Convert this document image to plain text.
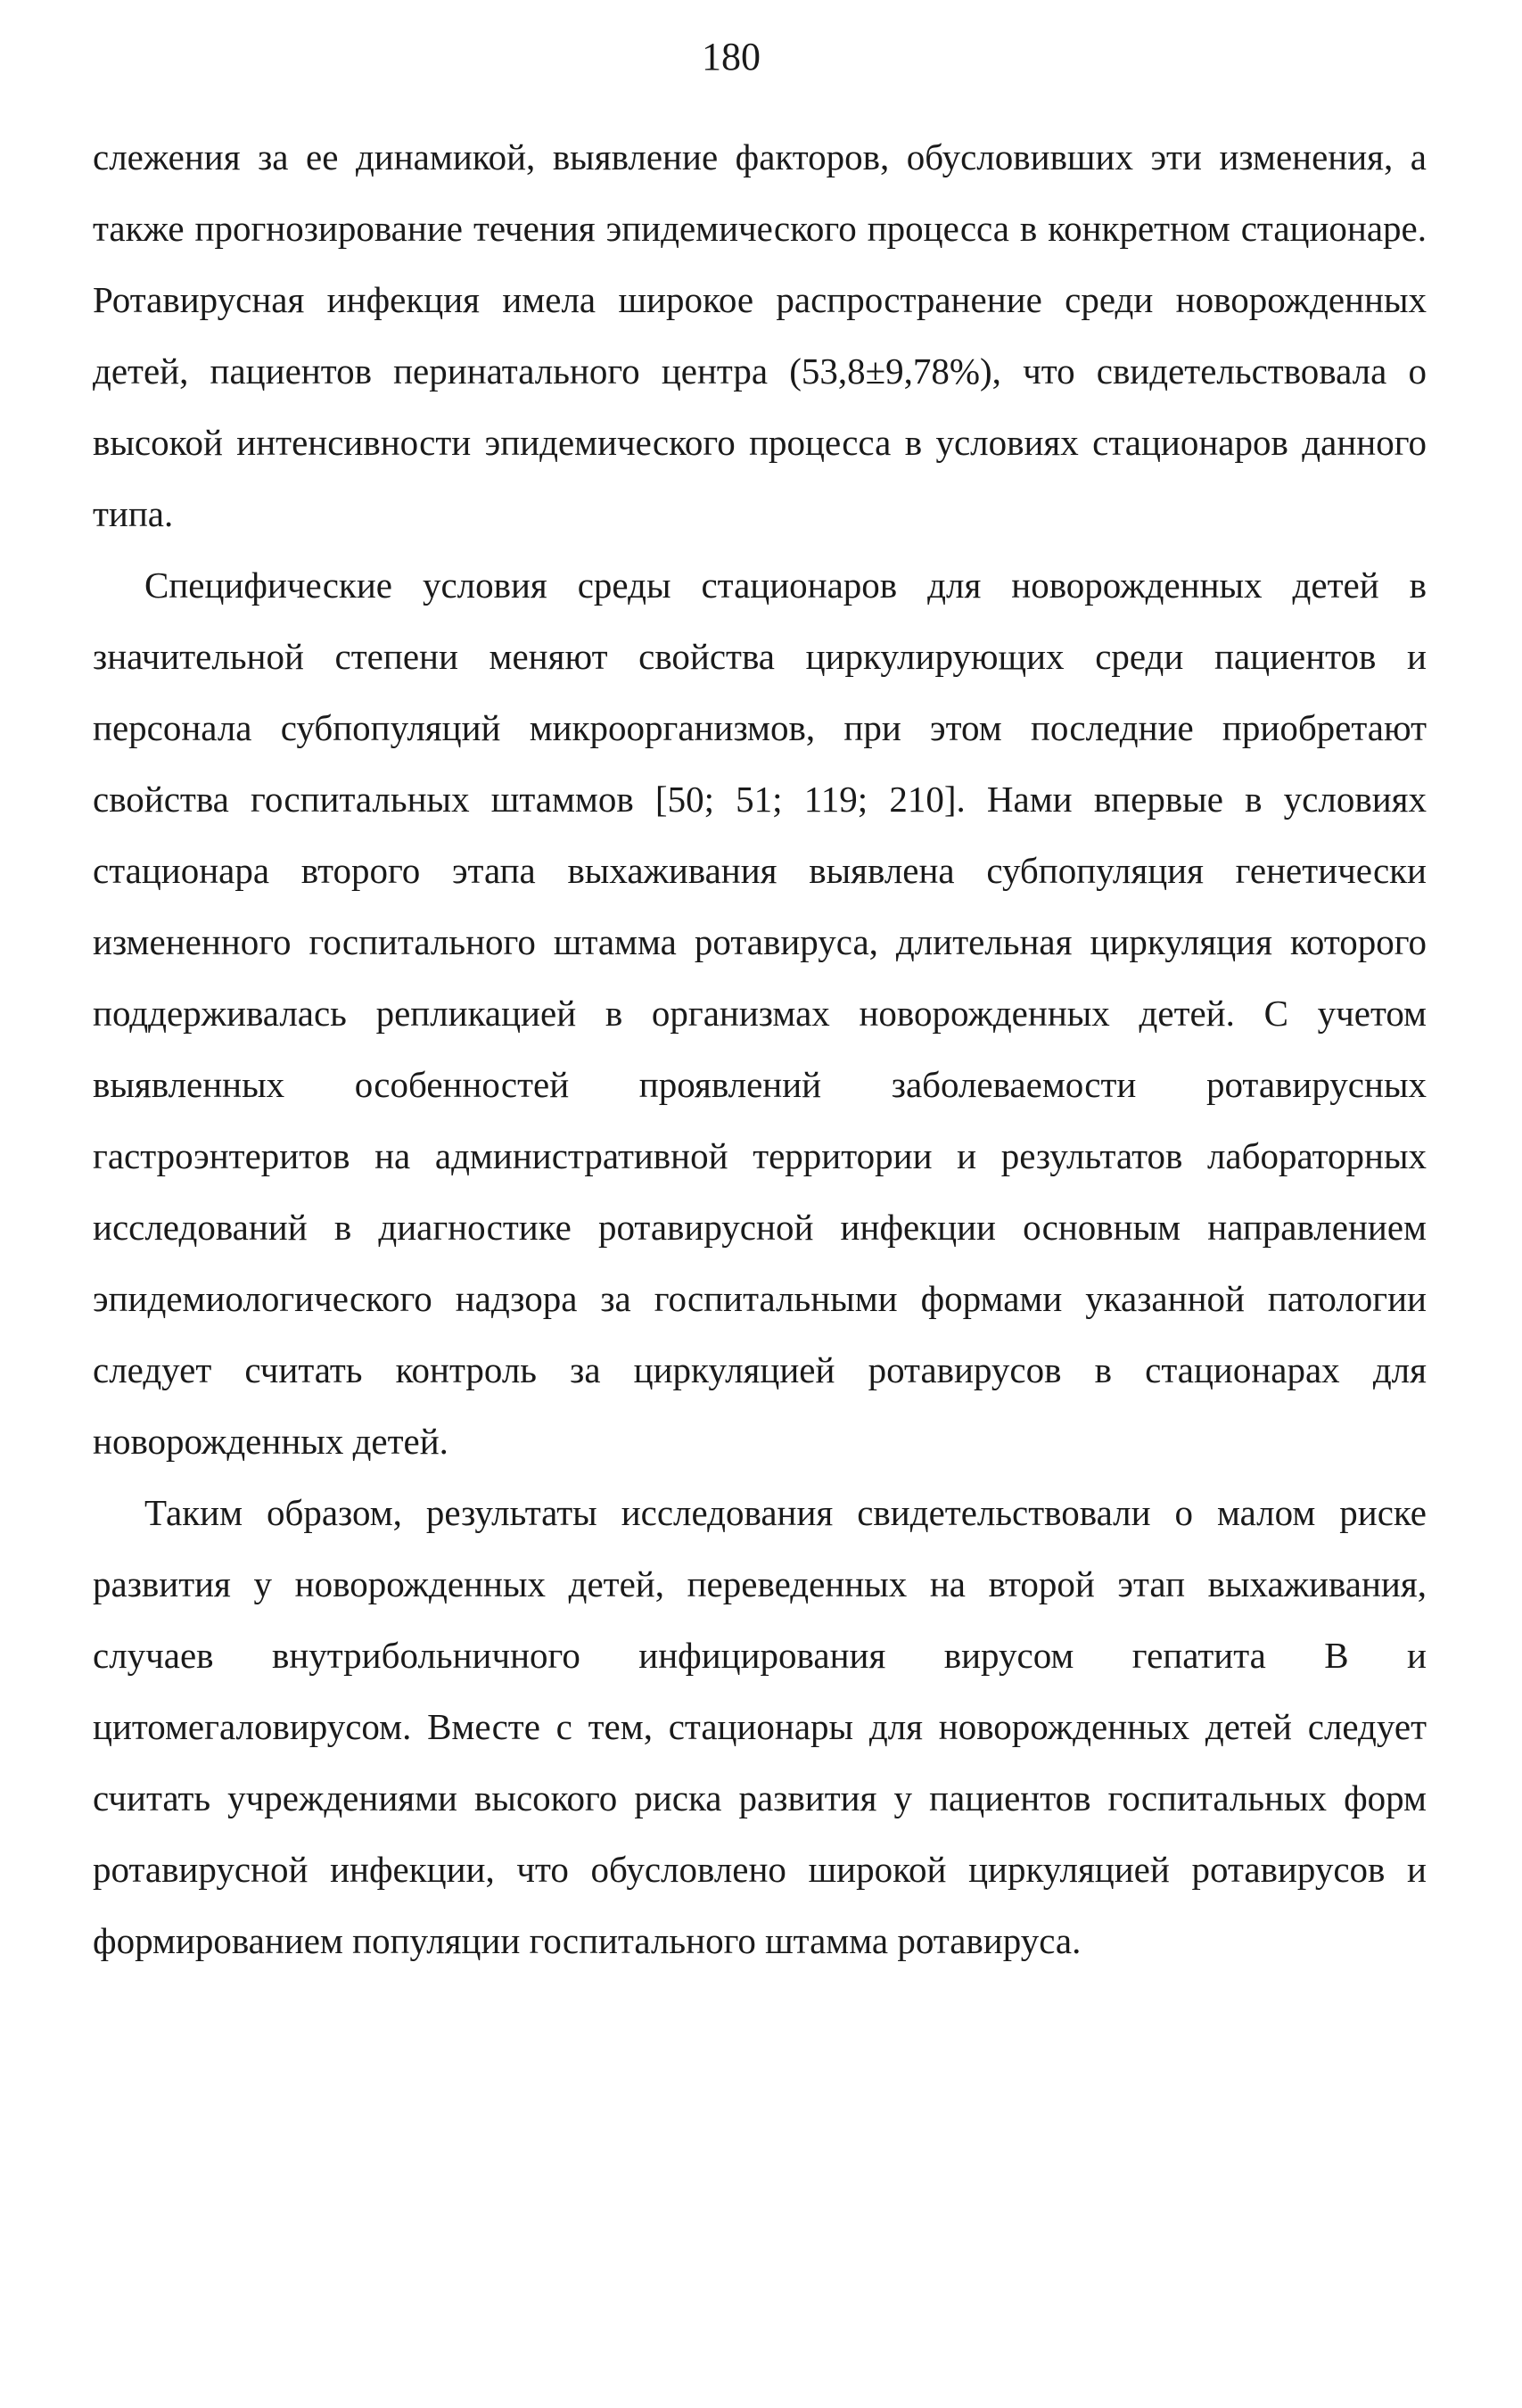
180

слежения за ее динамикой, выявление факторов, обусловивших эти изменения, а также прогнозирование течения эпидемического процесса в конкретном стационаре. Ротавирусная инфекция имела широкое распространение среди новорожденных детей, пациентов перинатального центра (53,8±9,78%), что свидетельствовала о высокой интенсивности эпидемического процесса в условиях стационаров данного типа.

Специфические условия среды стационаров для новорожденных детей в значительной степени меняют свойства циркулирующих среди пациентов и персонала субпопуляций микроорганизмов, при этом последние приобретают свойства госпитальных штаммов [50; 51; 119; 210]. Нами впервые в условиях стационара второго этапа выхаживания выявлена субпопуляция генетически измененного госпитального штамма ротавируса, длительная циркуляция которого поддерживалась репликацией в организмах новорожденных детей. С учетом выявленных особенностей проявлений заболеваемости ротавирусных гастроэнтеритов на административной территории и результатов лабораторных исследований в диагностике ротавирусной инфекции основным направлением эпидемиологического надзора за госпитальными формами указанной патологии следует считать контроль за циркуляцией ротавирусов в стационарах для новорожденных детей.

Таким образом, результаты исследования свидетельствовали о малом риске развития у новорожденных детей, переведенных на второй этап выхаживания, случаев внутрибольничного инфицирования вирусом гепатита В и цитомегаловирусом. Вместе с тем, стационары для новорожденных детей следует считать учреждениями высокого риска развития у пациентов госпитальных форм ротавирусной инфекции, что обусловлено широкой циркуляцией ротавирусов и формированием популяции госпитального штамма ротавируса.
